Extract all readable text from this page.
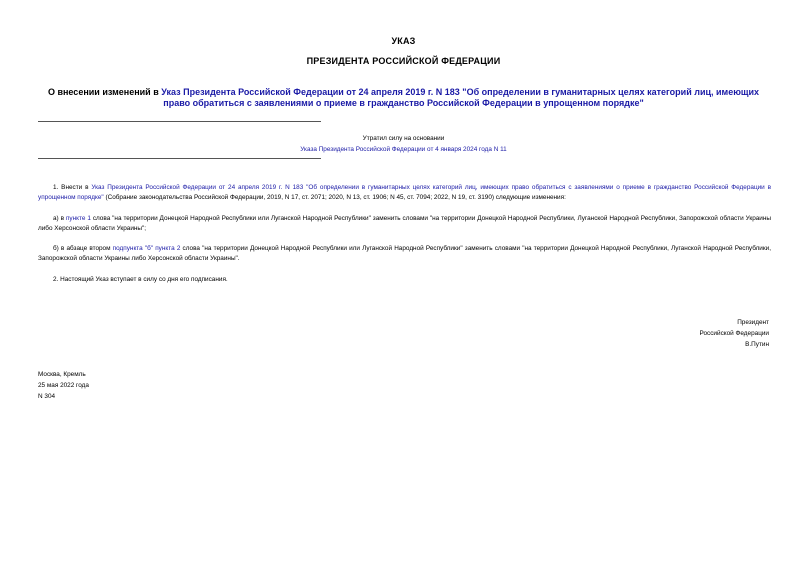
УКАЗ
ПРЕЗИДЕНТА РОССИЙСКОЙ ФЕДЕРАЦИИ
О внесении изменений в Указ Президента Российской Федерации от 24 апреля 2019 г. N 183 "Об определении в гуманитарных целях категорий лиц, имеющих право обратиться с заявлениями о приеме в гражданство Российской Федерации в упрощенном порядке"
Утратил силу на основании
Указа Президента Российской Федерации от 4 января 2024 года N 11
1. Внести в Указ Президента Российской Федерации от 24 апреля 2019 г. N 183 "Об определении в гуманитарных целях категорий лиц, имеющих право обратиться с заявлениями о приеме в гражданство Российской Федерации в упрощенном порядке" (Собрание законодательства Российской Федерации, 2019, N 17, ст. 2071; 2020, N 13, ст. 1906; N 45, ст. 7094; 2022, N 19, ст. 3190) следующие изменения:
а) в пункте 1 слова "на территории Донецкой Народной Республики или Луганской Народной Республики" заменить словами "на территории Донецкой Народной Республики, Луганской Народной Республики, Запорожской области Украины либо Херсонской области Украины";
б) в абзаце втором подпункта "б" пункта 2 слова "на территории Донецкой Народной Республики или Луганской Народной Республики" заменить словами "на территории Донецкой Народной Республики, Луганской Народной Республики, Запорожской области Украины либо Херсонской области Украины".
2. Настоящий Указ вступает в силу со дня его подписания.
Президент
Российской Федерации
В.Путин
Москва, Кремль
25 мая 2022 года
N 304
